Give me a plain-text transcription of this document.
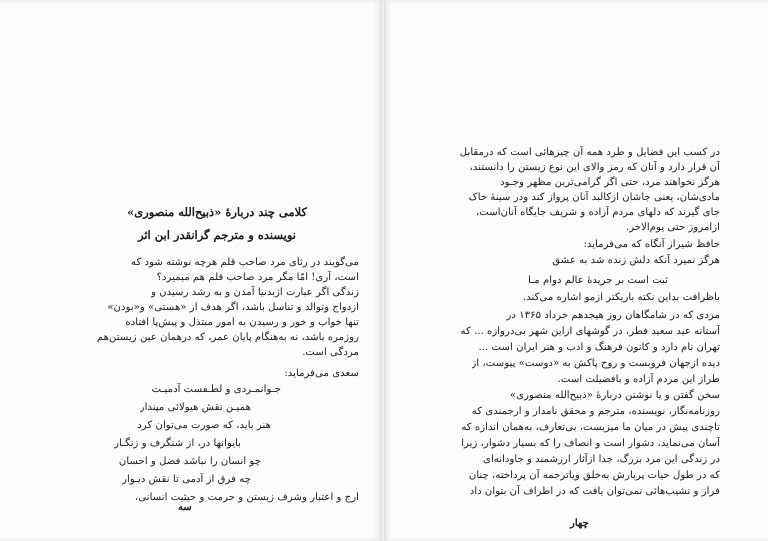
کلامی چند دربارهٔ «ذبیح‌الله منصوری»
نویسنده و مترجم گرانقدر ابن اثر
می‌گویند در رثای مرد صاحب قلم هرچه نوشته شود که
است، آری! امّا مگر مرد صاحب قلم هم میمیرد؟
زندگی اگر عبارت ازبدنیا آمدن و به رشد رسیدن و
ازدواج وتوالد و تناسل باشد، اگر هدف از «هستی» و«بودن»
تنها خواب و خور و رسیدن به امور مبتذل و پیش‌پا افتاده
روزمره باشد، نه به‌هنگام پایان عمر، که درهمان عین زیستن‌هم
مردگی است.
سعدی می‌فرماید:
جـوانمـردی و لطـفست آدمیـت
همیـن نقش هیولائی مپندار
هنر باید، که صورت می‌توان کرد
بایوانها در، از شنگرف و زنگـار
چو انسان را نباشد فضل و احسان
چه فرق از آدمی تا نقش دیـوار
ارج و اعتبار وشرف زیستن و حرمت و حیثیت انسانی،
سه
در کسب این فضایل و طرد همه آن چیزهائی است که درمقابل
آن قرار دارد و آنان که رمز والای این نوع زیستن را دانستند،
هرگز نخواهند مرد، حتی اگر گرامی‌ترین مظهر وجـود
مادی‌شان، یعنی جاشان ازکالبد آنان پرواز کند ودر سینهٔ خاک
جای گیرند که دلهای مردم آزاده و شریف جایگاه آنان‌است،
ازامروز حتی یوم‌الاخر.
حافظ شیراز آنگاه که می‌فرماید:
هرگز نمیرد آنکه دلش زنده شد به عشق
ثبت است بر جریدهٔ عالم دوام مـا
باظرافت بداین نکته باریکتر ازمو اشاره می‌کند.
مردی که در شامگاهان روز هیجدهم خرداد ۱۳۶۵ در
آستانه عید سعید فطر، در گوشهای ازاین شهر بی‌دروازه ... که
تهران نام دارد و کانون فرهنگ و ادب و هنر ایران است ...
دیده ازجهان فروبست و روح پاکش به «دوست» پیوست، از
طراز این مردم آزاده و بافضیلت است.
سخن گفتن و یا نوشتن دربارهٔ «ذبیح‌الله منصوری»
روزنامه‌نگار، نویسنده، مترجم و محقق نامدار و ارجمندی که
تاچندی پیش در میان ما میزیست، بی‌تعارف، به‌همان اندازه که
آسان می‌نماید، دشوار است و انصاف را که بسیار دشوار، زیرا
در زندگی این مرد بزرگ، جدا ازآثار ارزشمند و جاودانه‌ای
که در طول حیات پربارش به‌خلق ویاترجمه آن پرداخته، چنان
فراز و نشیب‌هائی نمی‌توان یافت که در اطراف آن بتوان داد
چهار
